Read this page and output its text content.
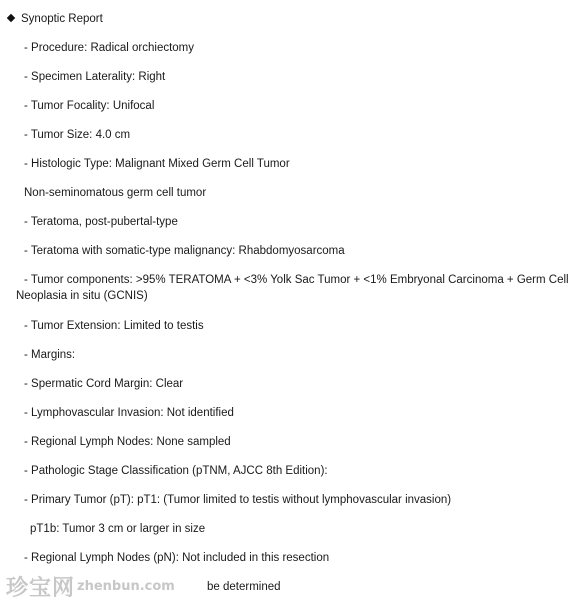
Synoptic Report
- Procedure: Radical orchiectomy
- Specimen Laterality: Right
- Tumor Focality: Unifocal
- Tumor Size: 4.0 cm
- Histologic Type: Malignant Mixed Germ Cell Tumor
Non-seminomatous germ cell tumor
- Teratoma, post-pubertal-type
- Teratoma with somatic-type malignancy: Rhabdomyosarcoma
- Tumor components: >95% TERATOMA + <3% Yolk Sac Tumor + <1% Embryonal Carcinoma + Germ Cell
Neoplasia in situ (GCNIS)
- Tumor Extension: Limited to testis
- Margins:
- Spermatic Cord Margin: Clear
- Lymphovascular Invasion: Not identified
- Regional Lymph Nodes: None sampled
- Pathologic Stage Classification (pTNM, AJCC 8th Edition):
- Primary Tumor (pT): pT1: (Tumor limited to testis without lymphovascular invasion)
pT1b: Tumor 3 cm or larger in size
- Regional Lymph Nodes (pN): Not included in this resection
be determined
珍宝网 zhenbun.com
